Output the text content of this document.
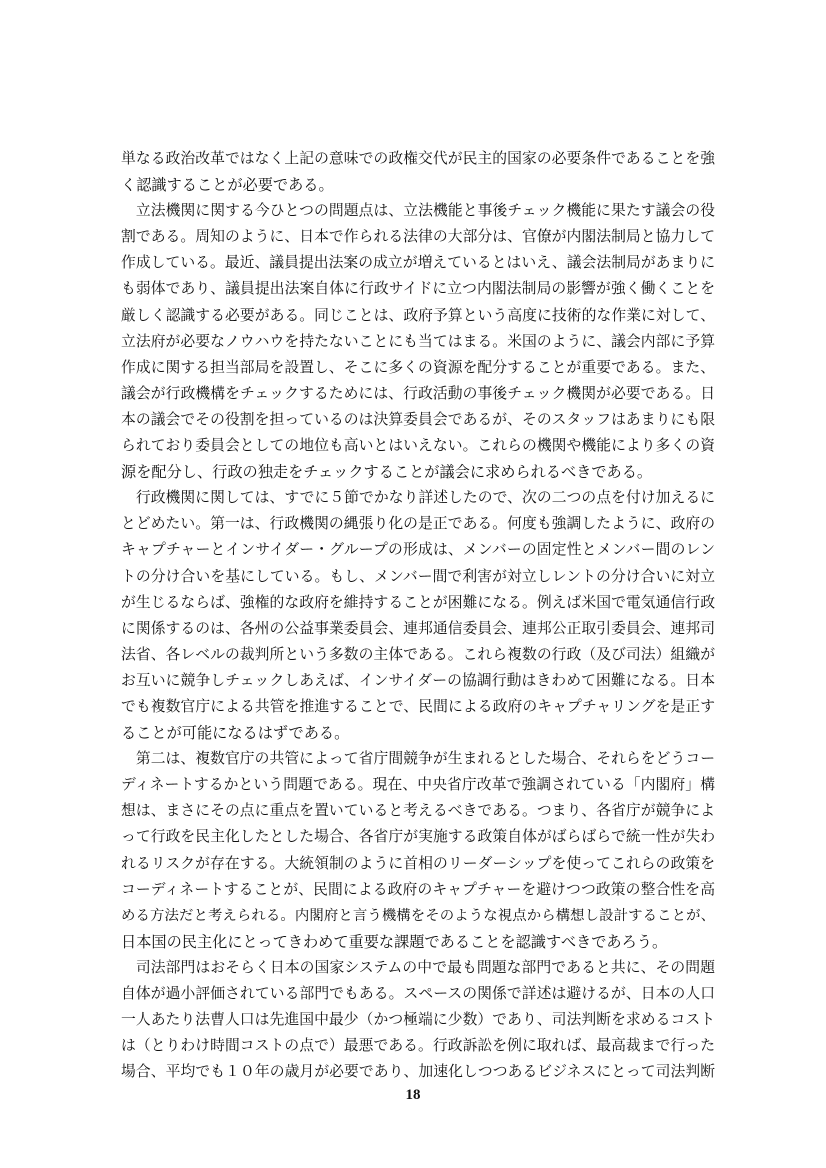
単なる政治改革ではなく上記の意味での政権交代が民主的国家の必要条件であることを強
く認識することが必要である。
　立法機関に関する今ひとつの問題点は、立法機能と事後チェック機能に果たす議会の役
割である。周知のように、日本で作られる法律の大部分は、官僚が内閣法制局と協力して
作成している。最近、議員提出法案の成立が増えているとはいえ、議会法制局があまりに
も弱体であり、議員提出法案自体に行政サイドに立つ内閣法制局の影響が強く働くことを
厳しく認識する必要がある。同じことは、政府予算という高度に技術的な作業に対して、
立法府が必要なノウハウを持たないことにも当てはまる。米国のように、議会内部に予算
作成に関する担当部局を設置し、そこに多くの資源を配分することが重要である。また、
議会が行政機構をチェックするためには、行政活動の事後チェック機関が必要である。日
本の議会でその役割を担っているのは決算委員会であるが、そのスタッフはあまりにも限
られており委員会としての地位も高いとはいえない。これらの機関や機能により多くの資
源を配分し、行政の独走をチェックすることが議会に求められるべきである。
　行政機関に関しては、すでに５節でかなり詳述したので、次の二つの点を付け加えるに
とどめたい。第一は、行政機関の縄張り化の是正である。何度も強調したように、政府の
キャプチャーとインサイダー・グループの形成は、メンバーの固定性とメンバー間のレン
トの分け合いを基にしている。もし、メンバー間で利害が対立しレントの分け合いに対立
が生じるならば、強権的な政府を維持することが困難になる。例えば米国で電気通信行政
に関係するのは、各州の公益事業委員会、連邦通信委員会、連邦公正取引委員会、連邦司
法省、各レベルの裁判所という多数の主体である。これら複数の行政（及び司法）組織が
お互いに競争しチェックしあえば、インサイダーの協調行動はきわめて困難になる。日本
でも複数官庁による共管を推進することで、民間による政府のキャプチャリングを是正す
ることが可能になるはずである。
　第二は、複数官庁の共管によって省庁間競争が生まれるとした場合、それらをどうコー
ディネートするかという問題である。現在、中央省庁改革で強調されている「内閣府」構
想は、まさにその点に重点を置いていると考えるべきである。つまり、各省庁が競争によ
って行政を民主化したとした場合、各省庁が実施する政策自体がばらばらで統一性が失わ
れるリスクが存在する。大統領制のように首相のリーダーシップを使ってこれらの政策を
コーディネートすることが、民間による政府のキャプチャーを避けつつ政策の整合性を高
める方法だと考えられる。内閣府と言う機構をそのような視点から構想し設計することが、
日本国の民主化にとってきわめて重要な課題であることを認識すべきであろう。
　司法部門はおそらく日本の国家システムの中で最も問題な部門であると共に、その問題
自体が過小評価されている部門でもある。スペースの関係で詳述は避けるが、日本の人口
一人あたり法曹人口は先進国中最少（かつ極端に少数）であり、司法判断を求めるコスト
は（とりわけ時間コストの点で）最悪である。行政訴訟を例に取れば、最高裁まで行った
場合、平均でも１０年の歳月が必要であり、加速化しつつあるビジネスにとって司法判断
18
